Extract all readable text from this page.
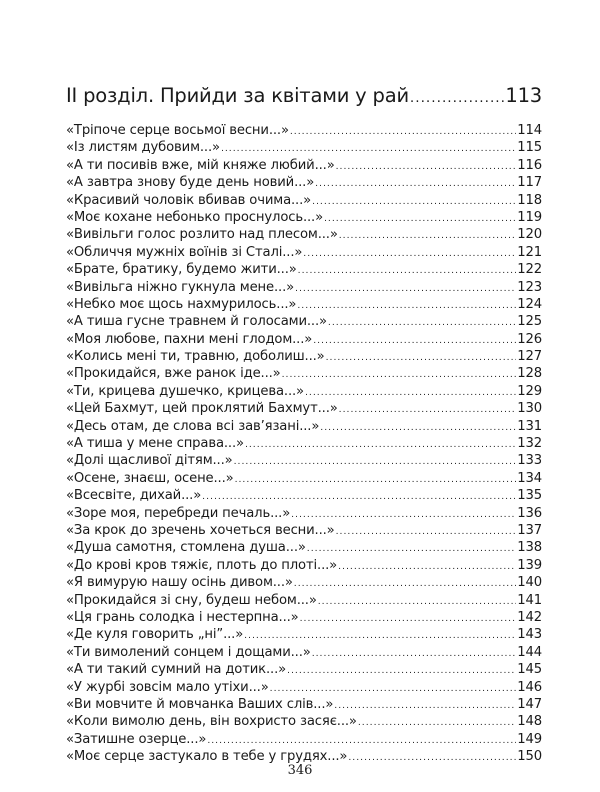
ІІ розділ. Прийди за квітами у рай .....	113
«Тріпоче серце восьмої весни...» .....	114
«Із листям дубовим...» .....	115
«А ти посивів вже, мій княже любий...» .....	116
«А завтра знову буде день новий...» .....	117
«Красивий чоловік вбивав очима...» .....	118
«Моє кохане небонько проснулось...» .....	119
«Вивільги голос розлито над плесом...» .....	120
«Обличчя мужніх воїнів зі Сталі...» .....	121
«Брате, братику, будемо жити...» .....	122
«Вивільга ніжно гукнула мене...» .....	123
«Небко моє щось нахмурилось...» .....	124
«А тиша гусне травнем й голосами...» .....	125
«Моя любове, пахни мені глодом...» .....	126
«Колись мені ти, травню, доболиш...» .....	127
«Прокидайся, вже ранок іде...» .....	128
«Ти, крицева душечко, крицева...» .....	129
«Цей Бахмут, цей проклятий Бахмут...» .....	130
«Десь отам, де слова всі зав’язані...» .....	131
«А тиша у мене справа...» .....	132
«Долі щасливої дітям...» .....	133
«Осене, знаєш, осене...» .....	134
«Всесвіте, дихай...» .....	135
«Зоре моя, перебреди печаль...» .....	136
«За крок до зречень хочеться весни...» .....	137
«Душа самотня, стомлена душа...» .....	138
«До крові кров тяжіє, плоть до плоті...» .....	139
«Я вимурую нашу осінь дивом...» .....	140
«Прокидайся зі сну, будеш небом...» .....	141
«Ця грань солодка і нестерпна...» .....	142
«Де куля говорить „ні”...» .....	143
«Ти вимолений сонцем і дощами...» .....	144
«А ти такий сумний на дотик...» .....	145
«У журбі зовсім мало утіхи...» .....	146
«Ви мовчите й мовчанка Ваших слів...» .....	147
«Коли вимолю день, він вохристо засяє...» .....	148
«Затишне озерце...» .....	149
«Моє серце застукало в тебе у грудях...» .....	150
346
